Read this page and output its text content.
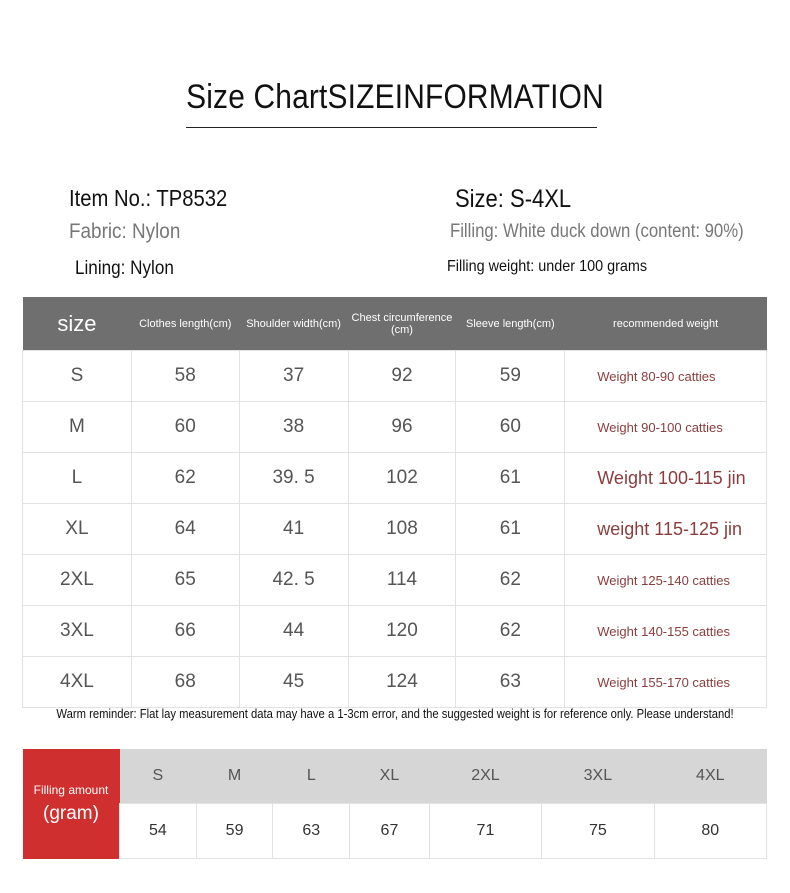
Size ChartSIZEINFORMATION
Item No.: TP8532	Size: S-4XL
Fabric: Nylon	Filling: White duck down (content: 90%)
Lining: Nylon	Filling weight: under 100 grams
size	Clothes length(cm)	Shoulder width(cm)	Chest circumference (cm)	Sleeve length(cm)	recommended weight
S	58	37	92	59	Weight 80-90 catties
M	60	38	96	60	Weight 90-100 catties
L	62	39. 5	102	61	Weight 100-115 jin
XL	64	41	108	61	weight 115-125 jin
2XL	65	42. 5	114	62	Weight 125-140 catties
3XL	66	44	120	62	Weight 140-155 catties
4XL	68	45	124	63	Weight 155-170 catties
Warm reminder: Flat lay measurement data may have a 1-3cm error, and the suggested weight is for reference only. Please understand!
Filling amount
(gram)	S	M	L	XL	2XL	3XL	4XL
	54	59	63	67	71	75	80
